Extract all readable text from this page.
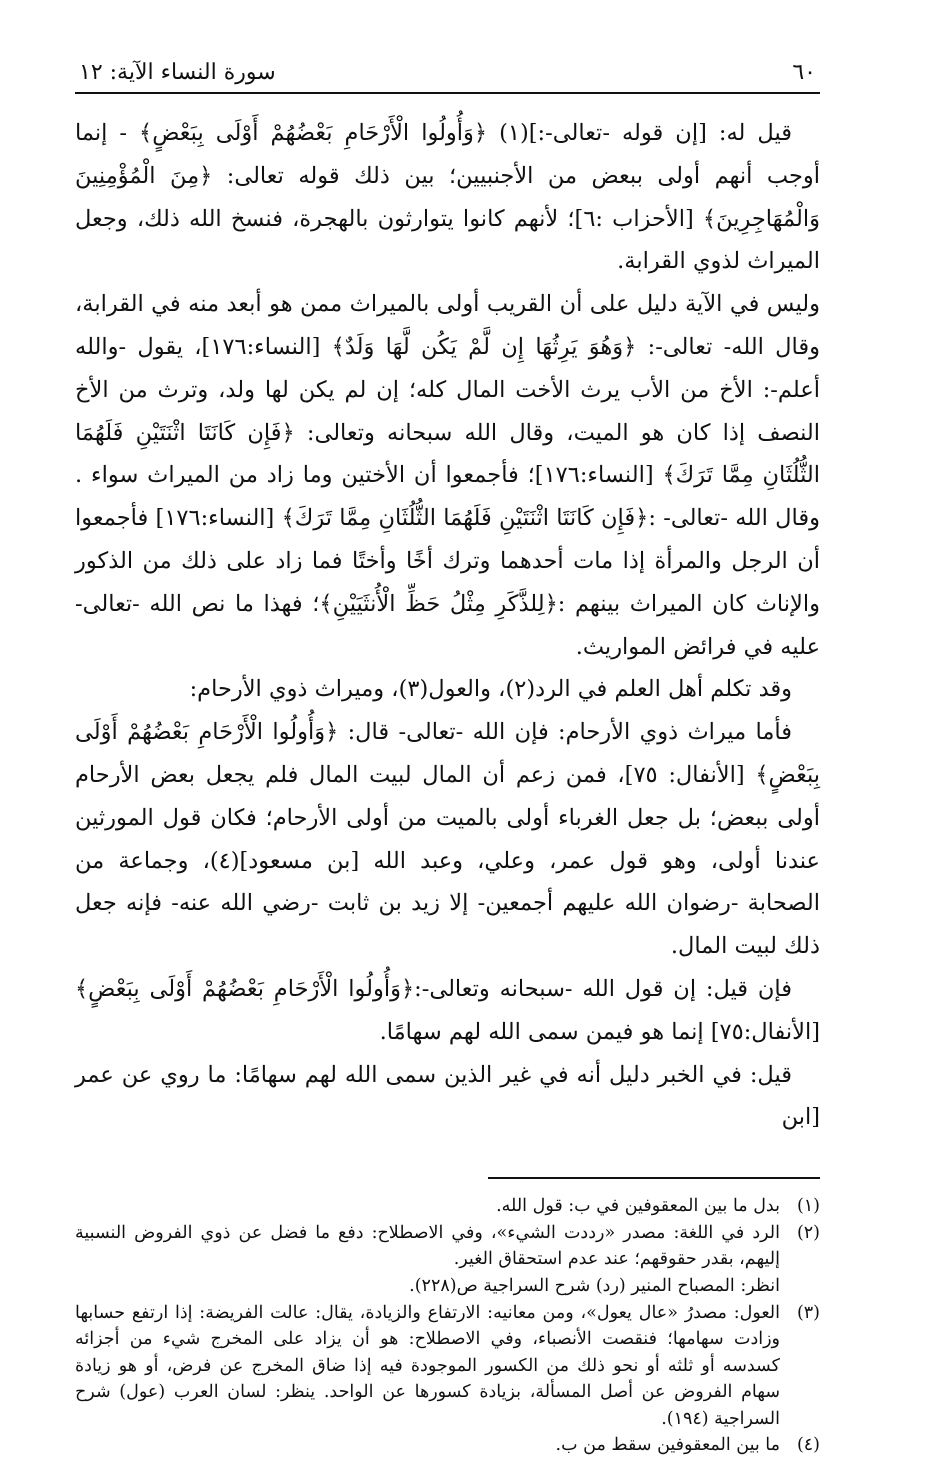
٦٠
سورة النساء الآية: ١٢

قيل له: [إن قوله -تعالى-:](١) ﴿وَأُولُوا الْأَرْحَامِ بَعْضُهُمْ أَوْلَى بِبَعْضٍ﴾ - إنما أوجب أنهم أولى ببعض من الأجنبيين؛ بين ذلك قوله تعالى: ﴿مِنَ الْمُؤْمِنِينَ وَالْمُهَاجِرِينَ﴾ [الأحزاب :٦]؛ لأنهم كانوا يتوارثون بالهجرة، فنسخ الله ذلك، وجعل الميراث لذوي القرابة.

وليس في الآية دليل على أن القريب أولى بالميراث ممن هو أبعد منه في القرابة، وقال الله- تعالى-: ﴿وَهُوَ يَرِثُهَا إِن لَّمْ يَكُن لَّهَا وَلَدٌ﴾ [النساء:١٧٦]، يقول -والله أعلم-: الأخ من الأب يرث الأخت المال كله؛ إن لم يكن لها ولد، وترث من الأخ النصف إذا كان هو الميت، وقال الله سبحانه وتعالى: ﴿فَإِن كَانَتَا اثْنَتَيْنِ فَلَهُمَا الثُّلُثَانِ مِمَّا تَرَكَ﴾ [النساء:١٧٦]؛ فأجمعوا أن الأختين وما زاد من الميراث سواء . وقال الله -تعالى- :﴿فَإِن كَانَتَا اثْنَتَيْنِ فَلَهُمَا الثُّلُثَانِ مِمَّا تَرَكَ﴾ [النساء:١٧٦] فأجمعوا أن الرجل والمرأة إذا مات أحدهما وترك أخًا وأختًا فما زاد على ذلك من الذكور والإناث كان الميراث بينهم :﴿لِلذَّكَرِ مِثْلُ حَظِّ الْأُنثَيَيْنِ﴾؛ فهذا ما نص الله -تعالى- عليه في فرائض المواريث.

وقد تكلم أهل العلم في الرد(٢)، والعول(٣)، وميراث ذوي الأرحام:

فأما ميراث ذوي الأرحام: فإن الله -تعالى- قال: ﴿وَأُولُوا الْأَرْحَامِ بَعْضُهُمْ أَوْلَى بِبَعْضٍ﴾ [الأنفال: ٧٥]، فمن زعم أن المال لبيت المال فلم يجعل بعض الأرحام أولى ببعض؛ بل جعل الغرباء أولى بالميت من أولى الأرحام؛ فكان قول المورثين عندنا أولى، وهو قول عمر، وعلي، وعبد الله [بن مسعود](٤)، وجماعة من الصحابة -رضوان الله عليهم أجمعين- إلا زيد بن ثابت -رضي الله عنه- فإنه جعل ذلك لبيت المال.

فإن قيل: إن قول الله -سبحانه وتعالى-:﴿وَأُولُوا الْأَرْحَامِ بَعْضُهُمْ أَوْلَى بِبَعْضٍ﴾ [الأنفال:٧٥] إنما هو فيمن سمى الله لهم سهامًا.

قيل: في الخبر دليل أنه في غير الذين سمى الله لهم سهامًا: ما روي عن عمر [ابن

(١)
بدل ما بين المعقوفين في ب: قول الله.
(٢)
الرد في اللغة: مصدر «رددت الشيء»، وفي الاصطلاح: دفع ما فضل عن ذوي الفروض النسبية إليهم، بقدر حقوقهم؛ عند عدم استحقاق الغير.
انظر: المصباح المنير (رد) شرح السراجية ص(٢٢٨).
(٣)
العول: مصدرُ «عال يعول»، ومن معانيه: الارتفاع والزيادة، يقال: عالت الفريضة: إذا ارتفع حسابها وزادت سهامها؛ فنقصت الأنصباء، وفي الاصطلاح: هو أن يزاد على المخرج شيء من أجزائه كسدسه أو ثلثه أو نحو ذلك من الكسور الموجودة فيه إذا ضاق المخرج عن فرض، أو هو زيادة سهام الفروض عن أصل المسألة، بزيادة كسورها عن الواحد. ينظر: لسان العرب (عول) شرح السراجية (١٩٤).
(٤)
ما بين المعقوفين سقط من ب.
